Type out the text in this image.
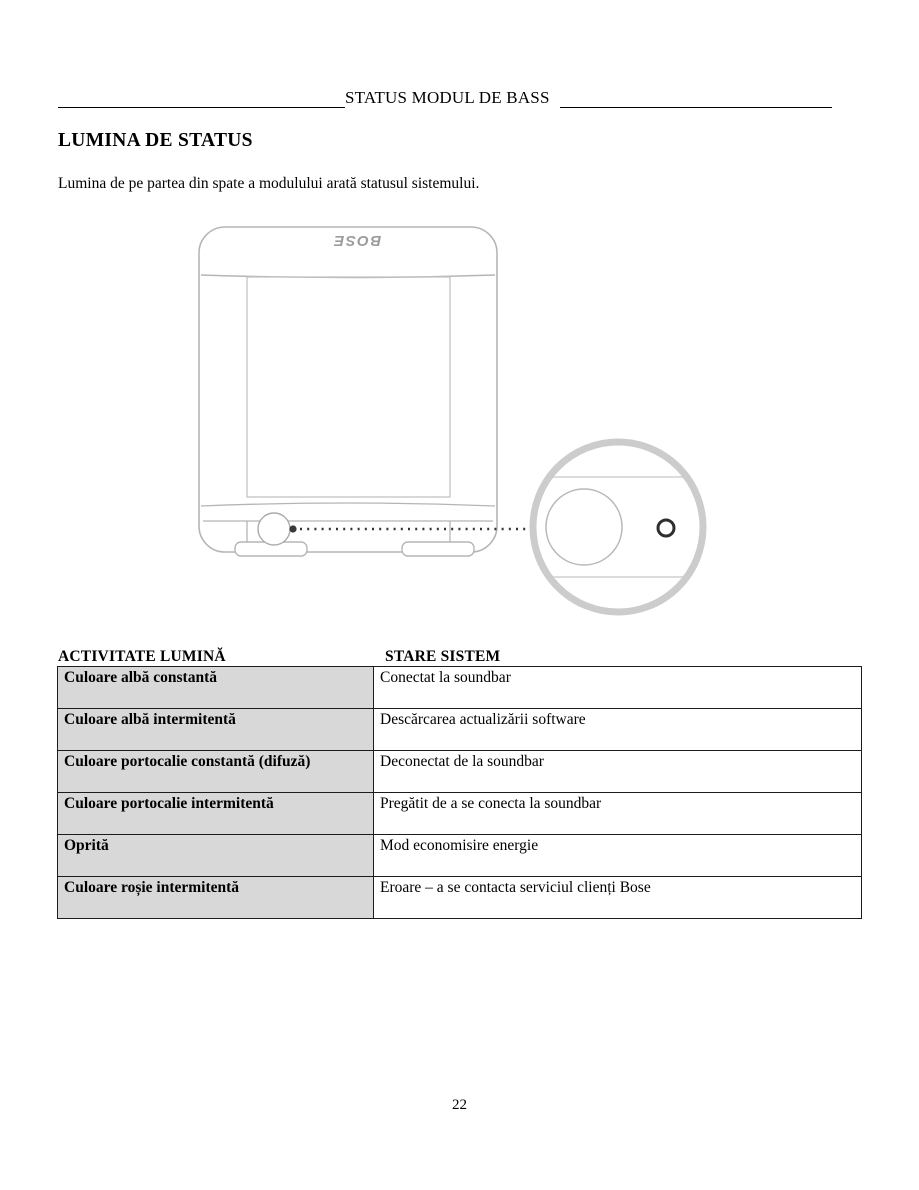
STATUS MODUL DE BASS
LUMINA DE STATUS
Lumina de pe partea din spate a modulului arată statusul sistemului.
BOSE
ACTIVITATE LUMINĂ	STARE SISTEM
Culoare albă constantă	Conectat la soundbar
Culoare albă intermitentă	Descărcarea actualizării software
Culoare portocalie constantă (difuză)	Deconectat de la soundbar
Culoare portocalie intermitentă	Pregătit de a se conecta la soundbar
Oprită	Mod economisire energie
Culoare roșie intermitentă	Eroare – a se contacta serviciul clienți Bose
22
